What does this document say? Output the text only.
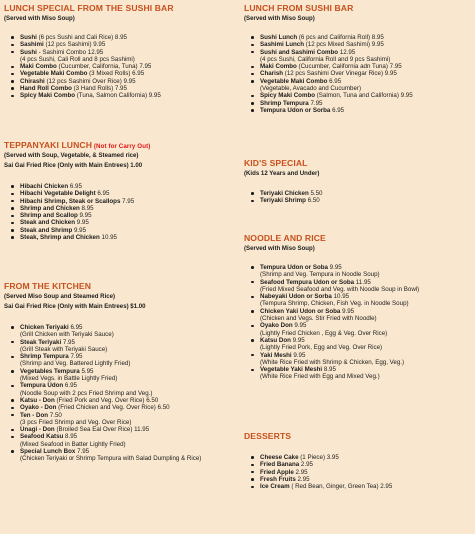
LUNCH SPECIAL FROM THE SUSHI BAR
(Served with Miso Soup)
Sushi (6 pcs Sushi and Cali Rice) 8.95
Sashimi (12 pcs Sashimi) 9.95
Sushi - Sashimi Combo 12.95
(4 pcs Sushi, Cali Roll and 8 pcs Sashimi)
Maki Combo (Cucumber, California, Tuna) 7.95
Vegetable Maki Combo (3 Mixed Rolls) 6.95
Chirashi (12 pcs Sashimi Over Rice) 9.95
Hand Roll Combo (3 Hand Rolls) 7.95
Spicy Maki Combo (Tuna, Salmon California) 9.95
TEPPANYAKI LUNCH (Not for Carry Out)
(Served with Soup, Vegetable, & Steamed rice)
Sai Gai Fried Rice (Only with Main Entrees) 1.00
Hibachi Chicken 6.95
Hibachi Vegetable Delight 6.95
Hibachi Shrimp, Steak or Scallops 7.95
Shrimp and Chicken 8.95
Shrimp and Scallop 9.95
Steak and Chicken 9.95
Steak and Shrimp 9.95
Steak, Shrimp and Chicken 10.95
FROM THE KITCHEN
(Served Miso Soup and Steamed Rice)
Sai Gai Fried Rice (Only with Main Entrees) $1.00
Chicken Teriyaki 6.95
(Grill Chicken with Teriyaki Sauce)
Steak Teriyaki 7.95
(Grill Steak with Teriyaki Sauce)
Shrimp Tempura 7.95
(Shrimp and Veg. Battered Lightly Fried)
Vegetables Tempura 5.95
(Mixed Vegs. in Battle Lightly Fried)
Tempura Udon 6.95
(Noodle Soup with 2 pcs Fried Shrimp and Veg.)
Katsu - Don (Fried Pork and Veg. Over Rice) 6.50
Oyako - Don (Fried Chicken and Veg. Over Rice) 6.50
Ten - Don 7.50
(3 pcs Fried Shrimp and Veg. Over Rice)
Unagi - Don (Broiled Sea Eal Over Rice) 11.95
Seafood Katsu 8.95
(Mixed Seafood in Batter Lightly Fried)
Special Lunch Box 7.95
(Chicken Teriyaki or Shrimp Tempura with Salad Dumpling & Rice)
LUNCH FROM SUSHI BAR
(Served with Miso Soup)
Sushi Lunch (6 pcs and California Roll) 8.95
Sashimi Lunch (12 pcs Mixed Sashimi) 9.95
Sushi and Sashimi Combo 12.95
(4 pcs Sushi, California Roll and 9 pcs Sashimi)
Maki Combo (Cucumber, California adn Tuna) 7.95
Charish (12 pcs Sashimi Over Vinegar Rice) 9.95
Vegetable Maki Combo 6.95
(Vegetable, Avacado and Cucumber)
Spicy Maki Combo (Salmon, Tuna and California) 9.95
Shrimp Tempura 7.95
Tempura Udon or Sorba 6.95
KID'S SPECIAL
(Kids 12 Years and Under)
Teriyaki Chicken 5.50
Teriyaki Shrimp 6.50
NOODLE AND RICE
(Served with Miso Soup)
Tempura Udon or Soba 9.95
(Shrimp and Veg. Tempura in Noodle Soup)
Seafood Tempura Udon or Soba 11.95
(Fried Mixed Seafood and Veg. with Noodle Soup in Bowl)
Nabeyaki Udon or Sorba 10.95
(Tempura Shrimp, Chicken, Fish Veg. in Noodle Soup)
Chicken Yaki Udon or Soba 9.95
(Chicken and Vegs. Stir Fried with Noodle)
Oyako Don 9.95
(Lightly Fried Chicken , Egg & Veg. Over Rice)
Katsu Don 9.95
(Lightly Fried Pork, Egg and Veg. Over Rice)
Yaki Meshi 9.95
(White Rice Fried with Shrimp & Chicken, Egg, Veg.)
Vegetable Yaki Meshi 8.95
(White Rice Fried with Egg and Mixed Veg.)
DESSERTS
Cheese Cake (1 Piece) 3.95
Fried Banana 2.95
Fried Apple 2.95
Fresh Fruits 2.95
Ice Cream ( Red Bean, Ginger, Green Tea) 2.95
